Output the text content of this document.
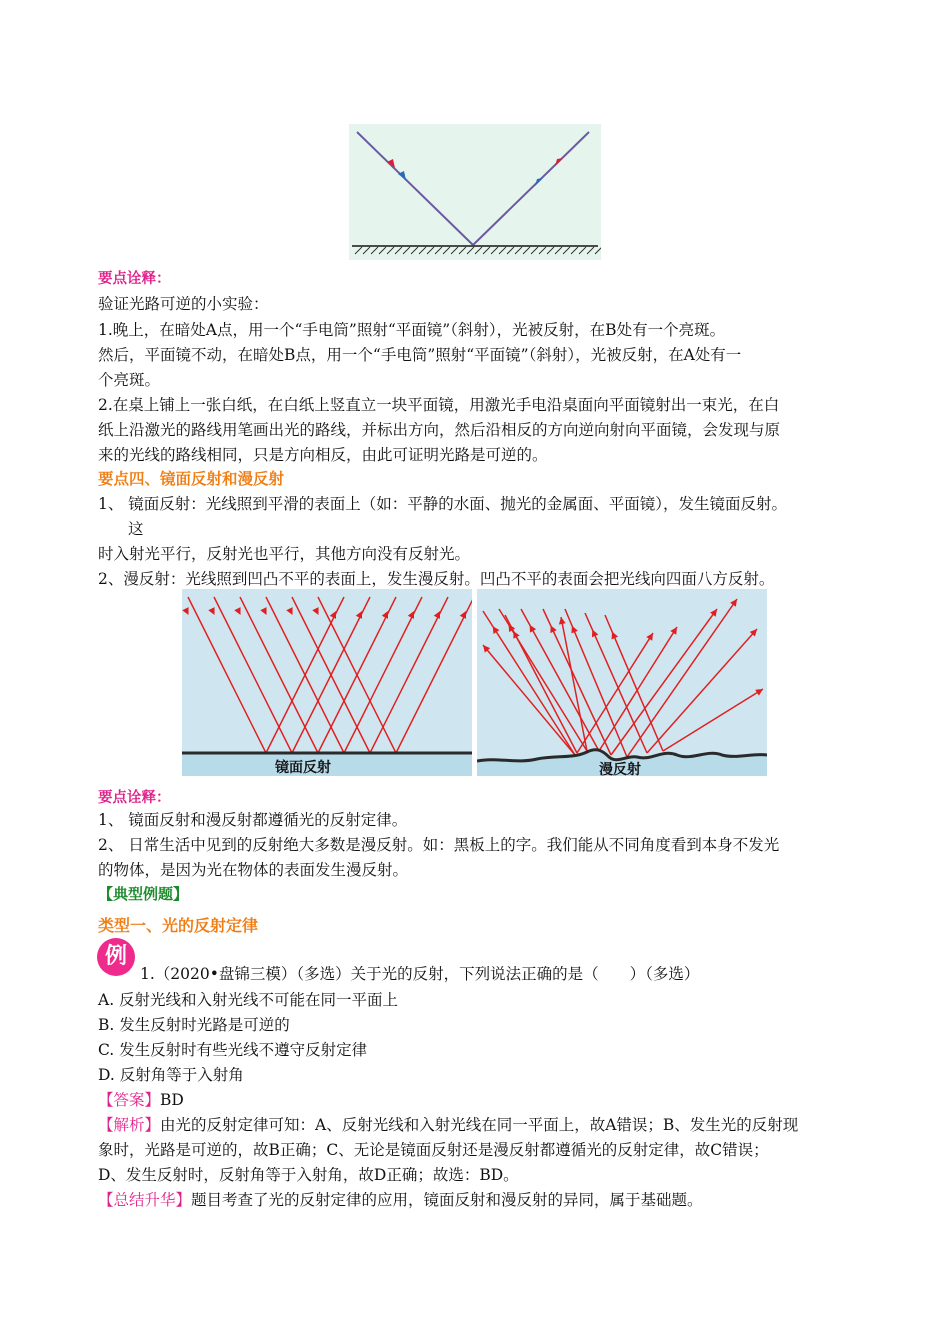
要点诠释：
验证光路可逆的小实验：
1.晚上，在暗处A点，用一个“手电筒”照射“平面镜”（斜射），光被反射，在B处有一个亮斑。
然后，平面镜不动，在暗处B点，用一个“手电筒”照射“平面镜”（斜射），光被反射，在A处有一
个亮斑。
2.在桌上铺上一张白纸，在白纸上竖直立一块平面镜，用激光手电沿桌面向平面镜射出一束光，在白
纸上沿激光的路线用笔画出光的路线，并标出方向，然后沿相反的方向逆向射向平面镜，会发现与原
来的光线的路线相同，只是方向相反，由此可证明光路是可逆的。
要点四、镜面反射和漫反射
1、 镜面反射：光线照到平滑的表面上（如：平静的水面、抛光的金属面、平面镜），发生镜面反射。
这
时入射光平行，反射光也平行，其他方向没有反射光。
2、漫反射：光线照到凹凸不平的表面上，发生漫反射。凹凸不平的表面会把光线向四面八方反射。
镜面反射	漫反射
要点诠释：
1、 镜面反射和漫反射都遵循光的反射定律。
2、 日常生活中见到的反射绝大多数是漫反射。如：黑板上的字。我们能从不同角度看到本身不发光
的物体，是因为光在物体的表面发生漫反射。
【典型例题】
类型一、光的反射定律
例
1.（2020•盘锦三模）（多选）关于光的反射，下列说法正确的是（　　）（多选）
A. 反射光线和入射光线不可能在同一平面上
B. 发生反射时光路是可逆的
C. 发生反射时有些光线不遵守反射定律
D. 反射角等于入射角
【答案】BD
【解析】由光的反射定律可知：A、反射光线和入射光线在同一平面上，故A错误；B、发生光的反射现
象时，光路是可逆的，故B正确；C、无论是镜面反射还是漫反射都遵循光的反射定律，故C错误；
D、发生反射时，反射角等于入射角，故D正确；故选：BD。
【总结升华】题目考查了光的反射定律的应用，镜面反射和漫反射的异同，属于基础题。
